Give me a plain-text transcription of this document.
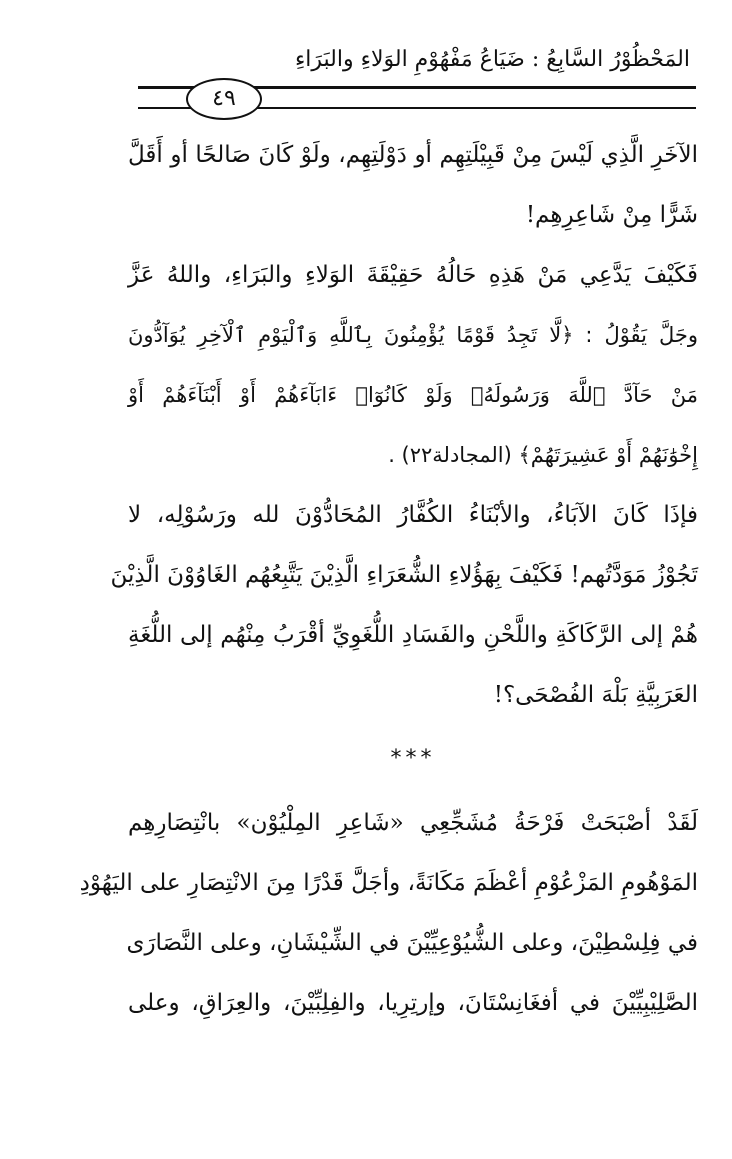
المَحْظُوْرُ السَّابِعُ : ضَيَاعُ مَفْهُوْمِ الوَلاءِ والبَرَاءِ
٤٩
الآخَرِ الَّذِي لَيْسَ مِنْ قَبِيْلَتِهِم أو دَوْلَتِهِم، ولَوْ كَانَ صَالحًا أو أَقَلَّ
شَرًّا مِنْ شَاعِرِهِم!
فَكَيْفَ يَدَّعِي مَنْ هَذِهِ حَالُهُ حَقِيْقَةَ الوَلاءِ والبَرَاءِ، واللهُ عَزَّ
وجَلَّ يَقُوْلُ : ﴿لَّا تَجِدُ قَوْمًا يُؤْمِنُونَ بِٱللَّهِ وَٱلْيَوْمِ ٱلْآخِرِ يُوَآدُّونَ
مَنْ حَآدَّ ٱللَّهَ وَرَسُولَهُۥ وَلَوْ كَانُوٓا۟ ءَابَآءَهُمْ أَوْ أَبْنَآءَهُمْ أَوْ
إِخْوَٰنَهُمْ أَوْ عَشِيرَتَهُمْ﴾ (المجادلة٢٢) .
فإذَا كَانَ الآبَاءُ، والأبْنَاءُ الكُفَّارُ المُحَادُّوْنَ لله ورَسُوْلِه، لا
تَجُوْزُ مَوَدَّتُهم! فَكَيْفَ بِهَؤُلاءِ الشُّعَرَاءِ الَّذِيْنَ يَتَّبِعُهُم الغَاوُوْنَ الَّذِيْنَ
هُمْ إلى الرَّكَاكَةِ واللَّحْنِ والفَسَادِ اللُّغَوِيِّ أقْرَبُ مِنْهُم إلى اللُّغَةِ
العَرَبِيَّةِ بَلْهَ الفُصْحَى؟!
***
لَقَدْ أصْبَحَتْ فَرْحَةُ مُشَجِّعِي «شَاعِرِ المِلْيُوْن» بانْتِصَارِهِم
المَوْهُومِ المَزْعُوْمِ أعْظَمَ مَكَانَةً، وأجَلَّ قَدْرًا مِنَ الانْتِصَارِ على اليَهُوْدِ
في فِلِسْطِيْنَ، وعلى الشُّيُوْعِيِّيْنَ في الشِّيْشَانِ، وعلى النَّصَارَى
الصَّلِيْبِيِّيْنَ في أفغَانِسْتَانَ، وإرتِرِيا، والفِلِبِّيْنَ، والعِرَاقِ، وعلى
